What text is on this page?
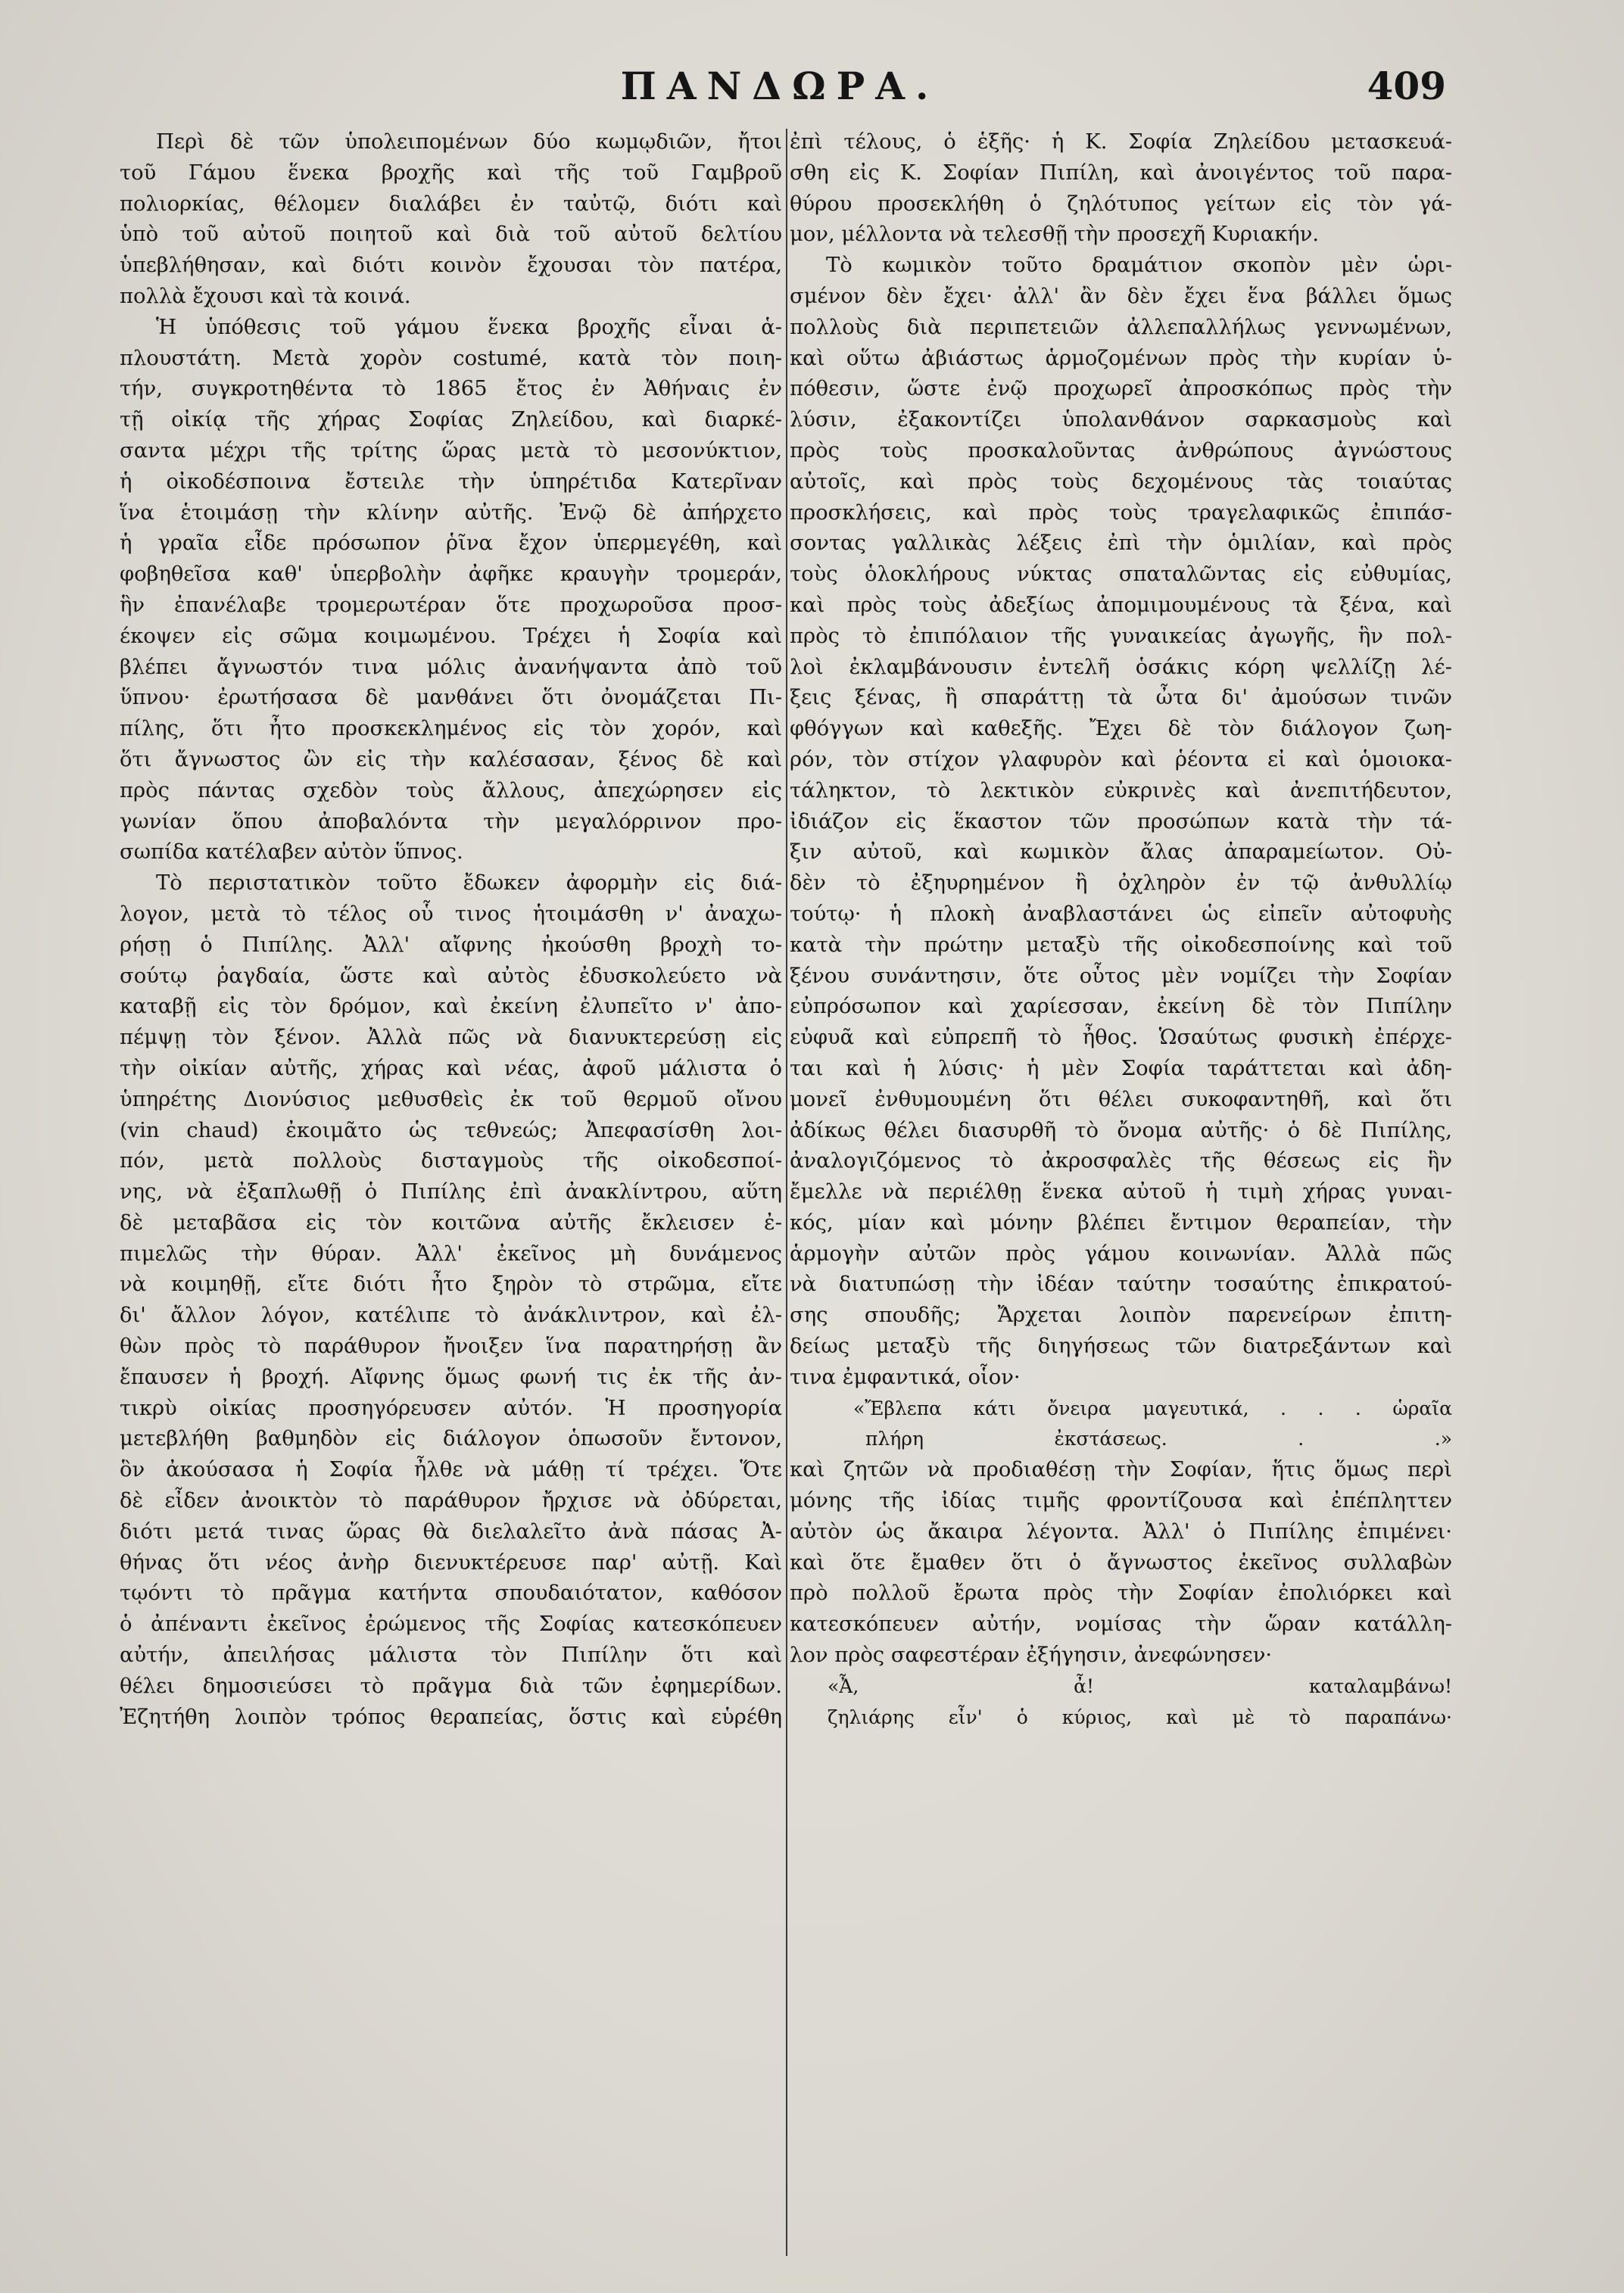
ΠΑΝΔΩΡΑ.	409
Περὶ δὲ τῶν ὑπολειπομένων δύο κωμῳδιῶν, ἤτοι
τοῦ Γάμου ἕνεκα βροχῆς καὶ τῆς τοῦ Γαμβροῦ
πολιορκίας, θέλομεν διαλάβει ἐν ταὐτῷ, διότι καὶ
ὑπὸ τοῦ αὐτοῦ ποιητοῦ καὶ διὰ τοῦ αὐτοῦ δελτίου
ὑπεβλήθησαν, καὶ διότι κοινὸν ἔχουσαι τὸν πατέρα,
πολλὰ ἔχουσι καὶ τὰ κοινά.
Ἡ ὑπόθεσις τοῦ γάμου ἕνεκα βροχῆς εἶναι ἁ-
πλουστάτη. Μετὰ χορὸν costumé, κατὰ τὸν ποιη-
τήν, συγκροτηθέντα τὸ 1865 ἔτος ἐν Ἀθήναις ἐν
τῇ οἰκίᾳ τῆς χήρας Σοφίας Ζηλείδου, καὶ διαρκέ-
σαντα μέχρι τῆς τρίτης ὥρας μετὰ τὸ μεσονύκτιον,
ἡ οἰκοδέσποινα ἔστειλε τὴν ὑπηρέτιδα Κατερῖναν
ἵνα ἑτοιμάσῃ τὴν κλίνην αὐτῆς. Ἐνῷ δὲ ἀπήρχετο
ἡ γραῖα εἶδε πρόσωπον ῥῖνα ἔχον ὑπερμεγέθη, καὶ
φοβηθεῖσα καθ' ὑπερβολὴν ἀφῆκε κραυγὴν τρομεράν,
ἣν ἐπανέλαβε τρομερωτέραν ὅτε προχωροῦσα προσ-
έκοψεν εἰς σῶμα κοιμωμένου. Τρέχει ἡ Σοφία καὶ
βλέπει ἄγνωστόν τινα μόλις ἀνανήψαντα ἀπὸ τοῦ
ὕπνου· ἐρωτήσασα δὲ μανθάνει ὅτι ὀνομάζεται Πι-
πίλης, ὅτι ἦτο προσκεκλημένος εἰς τὸν χορόν, καὶ
ὅτι ἄγνωστος ὢν εἰς τὴν καλέσασαν, ξένος δὲ καὶ
πρὸς πάντας σχεδὸν τοὺς ἄλλους, ἀπεχώρησεν εἰς
γωνίαν ὅπου ἀποβαλόντα τὴν μεγαλόρρινον προ-
σωπίδα κατέλαβεν αὐτὸν ὕπνος.
Τὸ περιστατικὸν τοῦτο ἔδωκεν ἀφορμὴν εἰς διά-
λογον, μετὰ τὸ τέλος οὗ τινος ἡτοιμάσθη ν' ἀναχω-
ρήσῃ ὁ Πιπίλης. Ἀλλ' αἴφνης ἠκούσθη βροχὴ το-
σούτῳ ῥαγδαία, ὥστε καὶ αὐτὸς ἐδυσκολεύετο νὰ
καταβῇ εἰς τὸν δρόμον, καὶ ἐκείνη ἐλυπεῖτο ν' ἀπο-
πέμψῃ τὸν ξένον. Ἀλλὰ πῶς νὰ διανυκτερεύσῃ εἰς
τὴν οἰκίαν αὐτῆς, χήρας καὶ νέας, ἀφοῦ μάλιστα ὁ
ὑπηρέτης Διονύσιος μεθυσθεὶς ἐκ τοῦ θερμοῦ οἴνου
(vin chaud) ἐκοιμᾶτο ὡς τεθνεώς; Ἀπεφασίσθη λοι-
πόν, μετὰ πολλοὺς δισταγμοὺς τῆς οἰκοδεσποί-
νης, νὰ ἐξαπλωθῇ ὁ Πιπίλης ἐπὶ ἀνακλίντρου, αὕτη
δὲ μεταβᾶσα εἰς τὸν κοιτῶνα αὐτῆς ἔκλεισεν ἐ-
πιμελῶς τὴν θύραν. Ἀλλ' ἐκεῖνος μὴ δυνάμενος
νὰ κοιμηθῇ, εἴτε διότι ἦτο ξηρὸν τὸ στρῶμα, εἴτε
δι' ἄλλον λόγον, κατέλιπε τὸ ἀνάκλιντρον, καὶ ἐλ-
θὼν πρὸς τὸ παράθυρον ἤνοιξεν ἵνα παρατηρήσῃ ἂν
ἔπαυσεν ἡ βροχή. Αἴφνης ὅμως φωνή τις ἐκ τῆς ἀν-
τικρὺ οἰκίας προσηγόρευσεν αὐτόν. Ἡ προσηγορία
μετεβλήθη βαθμηδὸν εἰς διάλογον ὁπωσοῦν ἔντονον,
ὃν ἀκούσασα ἡ Σοφία ἦλθε νὰ μάθῃ τί τρέχει. Ὅτε
δὲ εἶδεν ἀνοικτὸν τὸ παράθυρον ἤρχισε νὰ ὀδύρεται,
διότι μετά τινας ὥρας θὰ διελαλεῖτο ἀνὰ πάσας Ἀ-
θήνας ὅτι νέος ἀνὴρ διενυκτέρευσε παρ' αὐτῇ. Καὶ
τῳόντι τὸ πρᾶγμα κατήντα σπουδαιότατον, καθόσον
ὁ ἀπέναντι ἐκεῖνος ἐρώμενος τῆς Σοφίας κατεσκόπευεν
αὐτήν, ἀπειλήσας μάλιστα τὸν Πιπίλην ὅτι καὶ
θέλει δημοσιεύσει τὸ πρᾶγμα διὰ τῶν ἐφημερίδων.
Ἐζητήθη λοιπὸν τρόπος θεραπείας, ὅστις καὶ εὑρέθη
ἐπὶ τέλους, ὁ ἑξῆς· ἡ Κ. Σοφία Ζηλείδου μετασκευά-
σθη εἰς Κ. Σοφίαν Πιπίλη, καὶ ἀνοιγέντος τοῦ παρα-
θύρου προσεκλήθη ὁ ζηλότυπος γείτων εἰς τὸν γά-
μον, μέλλοντα νὰ τελεσθῇ τὴν προσεχῆ Κυριακήν.
Τὸ κωμικὸν τοῦτο δραμάτιον σκοπὸν μὲν ὡρι-
σμένον δὲν ἔχει· ἀλλ' ἂν δὲν ἔχει ἕνα βάλλει ὅμως
πολλοὺς διὰ περιπετειῶν ἀλλεπαλλήλως γεννωμένων,
καὶ οὕτω ἀβιάστως ἁρμοζομένων πρὸς τὴν κυρίαν ὑ-
πόθεσιν, ὥστε ἐνῷ προχωρεῖ ἀπροσκόπως πρὸς τὴν
λύσιν, ἐξακοντίζει ὑπολανθάνον σαρκασμοὺς καὶ
πρὸς τοὺς προσκαλοῦντας ἀνθρώπους ἀγνώστους
αὐτοῖς, καὶ πρὸς τοὺς δεχομένους τὰς τοιαύτας
προσκλήσεις, καὶ πρὸς τοὺς τραγελαφικῶς ἐπιπάσ-
σοντας γαλλικὰς λέξεις ἐπὶ τὴν ὁμιλίαν, καὶ πρὸς
τοὺς ὁλοκλήρους νύκτας σπαταλῶντας εἰς εὐθυμίας,
καὶ πρὸς τοὺς ἀδεξίως ἀπομιμουμένους τὰ ξένα, καὶ
πρὸς τὸ ἐπιπόλαιον τῆς γυναικείας ἀγωγῆς, ἣν πολ-
λοὶ ἐκλαμβάνουσιν ἐντελῆ ὁσάκις κόρη ψελλίζῃ λέ-
ξεις ξένας, ἢ σπαράττῃ τὰ ὦτα δι' ἀμούσων τινῶν
φθόγγων καὶ καθεξῆς. Ἔχει δὲ τὸν διάλογον ζωη-
ρόν, τὸν στίχον γλαφυρὸν καὶ ῥέοντα εἰ καὶ ὁμοιοκα-
τάληκτον, τὸ λεκτικὸν εὐκρινὲς καὶ ἀνεπιτήδευτον,
ἰδιάζον εἰς ἕκαστον τῶν προσώπων κατὰ τὴν τά-
ξιν αὐτοῦ, καὶ κωμικὸν ἄλας ἀπαραμείωτον. Οὐ-
δὲν τὸ ἐξηυρημένον ἢ ὀχληρὸν ἐν τῷ ἀνθυλλίῳ
τούτῳ· ἡ πλοκὴ ἀναβλαστάνει ὡς εἰπεῖν αὐτοφυὴς
κατὰ τὴν πρώτην μεταξὺ τῆς οἰκοδεσποίνης καὶ τοῦ
ξένου συνάντησιν, ὅτε οὗτος μὲν νομίζει τὴν Σοφίαν
εὐπρόσωπον καὶ χαρίεσσαν, ἐκείνη δὲ τὸν Πιπίλην
εὐφυᾶ καὶ εὐπρεπῆ τὸ ἦθος. Ὡσαύτως φυσικὴ ἐπέρχε-
ται καὶ ἡ λύσις· ἡ μὲν Σοφία ταράττεται καὶ ἀδη-
μονεῖ ἐνθυμουμένη ὅτι θέλει συκοφαντηθῆ, καὶ ὅτι
ἀδίκως θέλει διασυρθῆ τὸ ὄνομα αὐτῆς· ὁ δὲ Πιπίλης,
ἀναλογιζόμενος τὸ ἀκροσφαλὲς τῆς θέσεως εἰς ἣν
ἔμελλε νὰ περιέλθῃ ἕνεκα αὐτοῦ ἡ τιμὴ χήρας γυναι-
κός, μίαν καὶ μόνην βλέπει ἔντιμον θεραπείαν, τὴν
ἁρμογὴν αὐτῶν πρὸς γάμου κοινωνίαν. Ἀλλὰ πῶς
νὰ διατυπώσῃ τὴν ἰδέαν ταύτην τοσαύτης ἐπικρατού-
σης σπουδῆς; Ἄρχεται λοιπὸν παρενείρων ἐπιτη-
δείως μεταξὺ τῆς διηγήσεως τῶν διατρεξάντων καὶ
τινα ἐμφαντικά, οἷον·
«Ἔβλεπα κάτι ὄνειρα μαγευτικά, . . . ὡραῖα
πλήρη ἐκστάσεως. . .»
καὶ ζητῶν νὰ προδιαθέσῃ τὴν Σοφίαν, ἥτις ὅμως περὶ
μόνης τῆς ἰδίας τιμῆς φροντίζουσα καὶ ἐπέπληττεν
αὐτὸν ὡς ἄκαιρα λέγοντα. Ἀλλ' ὁ Πιπίλης ἐπιμένει·
καὶ ὅτε ἔμαθεν ὅτι ὁ ἄγνωστος ἐκεῖνος συλλαβὼν
πρὸ πολλοῦ ἔρωτα πρὸς τὴν Σοφίαν ἐπολιόρκει καὶ
κατεσκόπευεν αὐτήν, νομίσας τὴν ὥραν κατάλλη-
λον πρὸς σαφεστέραν ἐξήγησιν, ἀνεφώνησεν·
«Ἆ, ἆ! καταλαμβάνω!
ζηλιάρης εἶν' ὁ κύριος, καὶ μὲ τὸ παραπάνω·
